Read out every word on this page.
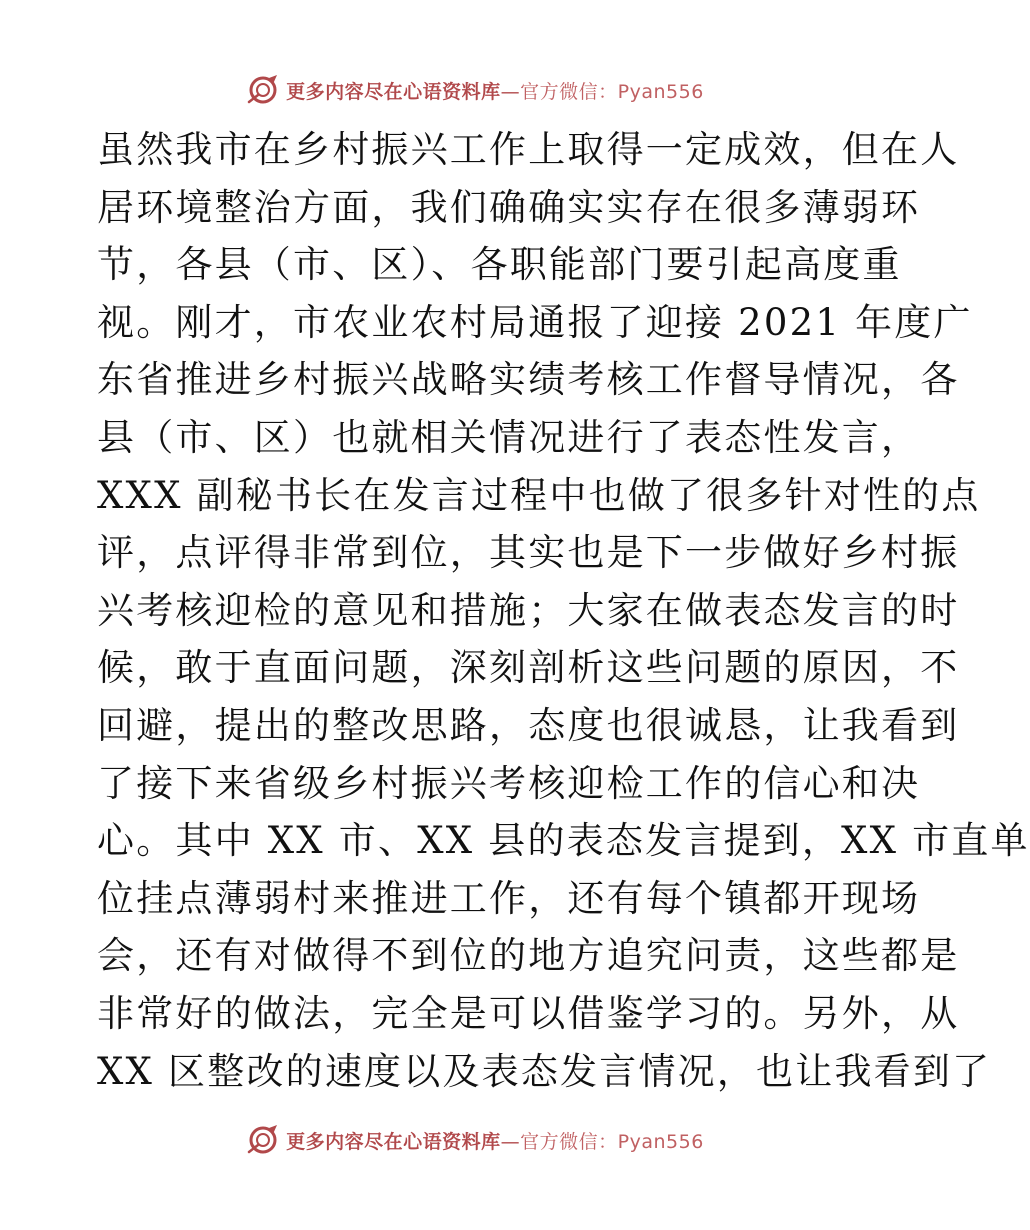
更多内容尽在心语资料库—官方微信：Pyan556
虽然我市在乡村振兴工作上取得一定成效，但在人
居环境整治方面，我们确确实实存在很多薄弱环
节，各县（市、区）、各职能部门要引起高度重
视。刚才，市农业农村局通报了迎接 2021 年度广
东省推进乡村振兴战略实绩考核工作督导情况，各
县（市、区）也就相关情况进行了表态性发言，
XXX 副秘书长在发言过程中也做了很多针对性的点
评，点评得非常到位，其实也是下一步做好乡村振
兴考核迎检的意见和措施；大家在做表态发言的时
候，敢于直面问题，深刻剖析这些问题的原因，不
回避，提出的整改思路，态度也很诚恳，让我看到
了接下来省级乡村振兴考核迎检工作的信心和决
心。其中 XX 市、XX 县的表态发言提到，XX 市直单
位挂点薄弱村来推进工作，还有每个镇都开现场
会，还有对做得不到位的地方追究问责，这些都是
非常好的做法，完全是可以借鉴学习的。另外，从
XX 区整改的速度以及表态发言情况，也让我看到了
更多内容尽在心语资料库—官方微信：Pyan556
